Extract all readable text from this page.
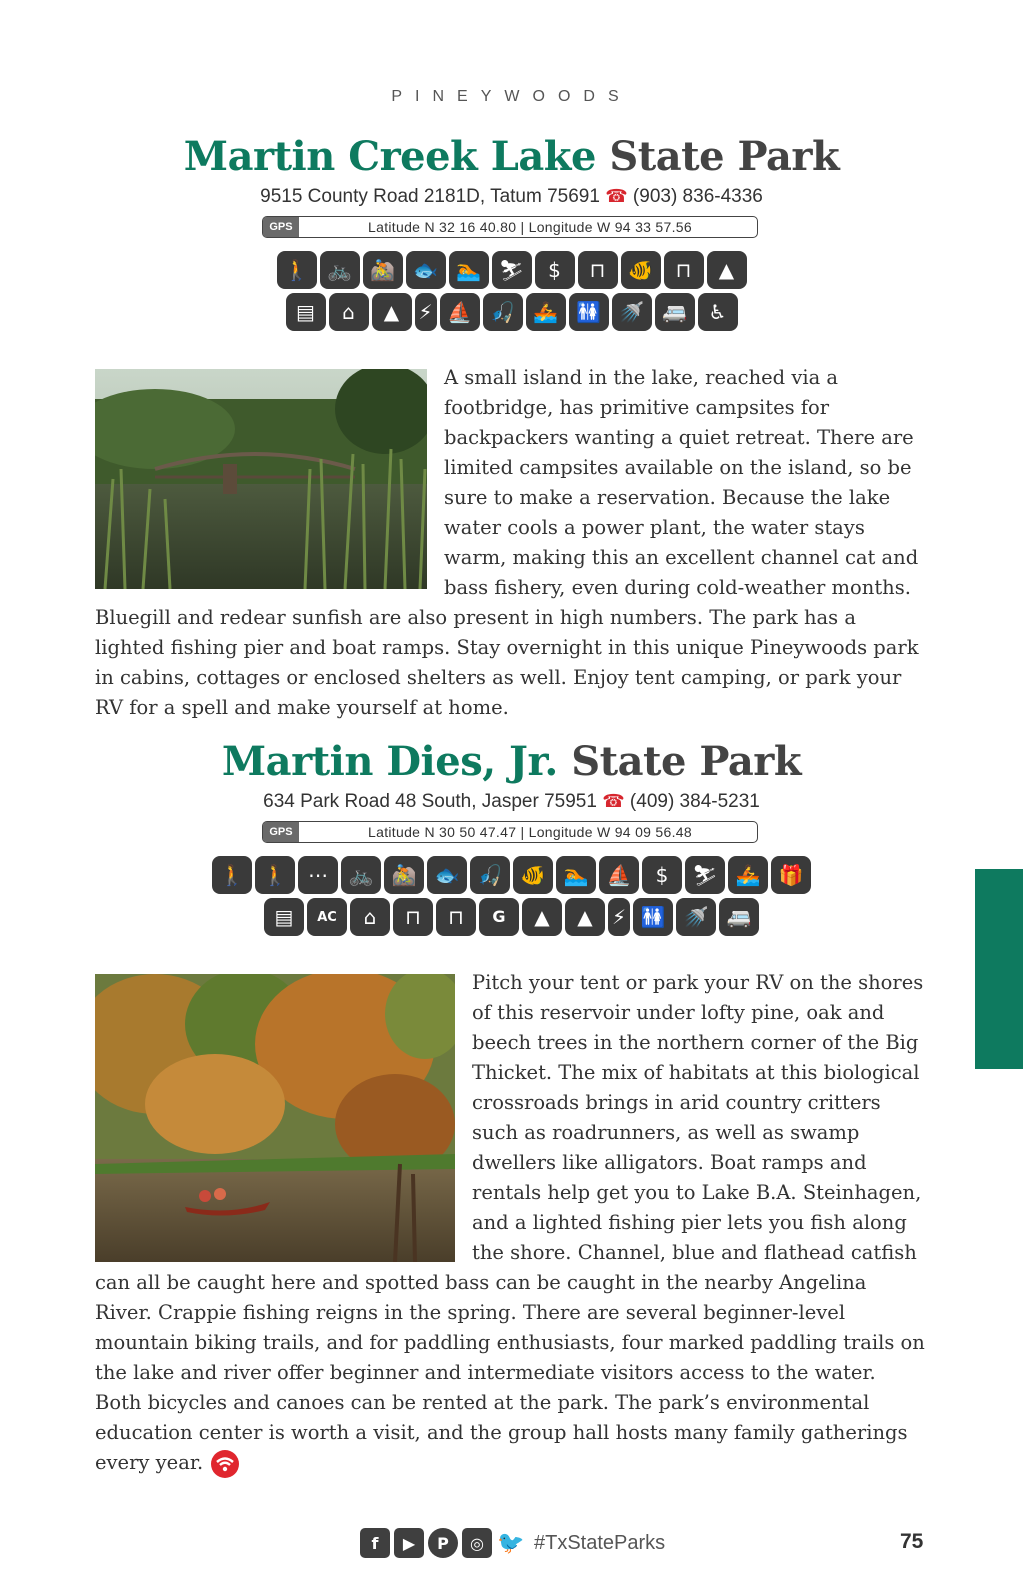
PINEYWOODS
Martin Creek Lake State Park
9515 County Road 2181D, Tatum 75691 ☎ (903) 836-4336
GPS	Latitude N 32 16 40.80 | Longitude W 94 33 57.56
🚶 🚲 🚵 🐟 🏊 ⛷	$	⊓	🐠	⊓	▲
▤	⌂	▲ ⚡ ⛵ 🎣 🚣 🚻 🚿 🚐	♿
A small island in the lake, reached via a footbridge, has primitive campsites for backpackers wanting a quiet retreat. There are limited campsites available on the island, so be sure to make a reservation. Because the lake water cools a power plant, the water stays warm, making this an excellent channel cat and bass fishery, even during cold-weather months. Bluegill and redear sunfish are also present in high numbers. The park has a lighted fishing pier and boat ramps. Stay overnight in this unique Pineywoods park in cabins, cottages or enclosed shelters as well. Enjoy tent camping, or park your RV for a spell and make yourself at home.
Martin Dies, Jr. State Park
634 Park Road 48 South, Jasper 75951 ☎ (409) 384-5231
GPS	Latitude N 30 50 47.47 | Longitude W 94 09 56.48
🚶 🚶	⋯	🚲 🚵 🐟 🎣 🐠 🏊 ⛵	$	⛷ 🚣 🎁
▤	AC	⌂	⊓	⊓	G	▲	▲ ⚡ 🚻 🚿 🚐
Pitch your tent or park your RV on the shores of this reservoir under lofty pine, oak and beech trees in the northern corner of the Big Thicket. The mix of habitats at this biological crossroads brings in arid country critters such as roadrunners, as well as swamp dwellers like alligators. Boat ramps and rentals help get you to Lake B.A. Steinhagen, and a lighted fishing pier lets you fish along the shore. Channel, blue and flathead catfish can all be caught here and spotted bass can be caught in the nearby Angelina River. Crappie fishing reigns in the spring. There are several beginner-level mountain biking trails, and for paddling enthusiasts, four marked paddling trails on the lake and river offer beginner and intermediate visitors access to the water. Both bicycles and canoes can be rented at the park. The park’s environmental education center is worth a visit, and the group hall hosts many family gatherings every year.
f	▶	P	◎ 🐦 #TxStateParks	75
